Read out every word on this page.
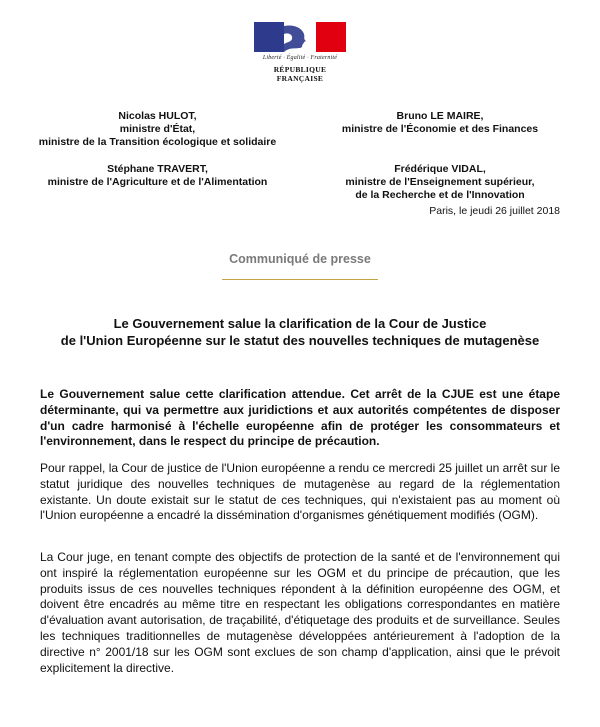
Liberté · Égalité · Fraternité
RÉPUBLIQUE FRANÇAISE
Nicolas HULOT,
ministre d'État,
ministre de la Transition écologique et solidaire
Bruno LE MAIRE,
ministre de l'Économie et des Finances
Stéphane TRAVERT,
ministre de l'Agriculture et de l'Alimentation
Frédérique VIDAL,
ministre de l'Enseignement supérieur,
de la Recherche et de l'Innovation
Paris, le jeudi 26 juillet 2018
Communiqué de presse
Le Gouvernement salue la clarification de la Cour de Justice
de l'Union Européenne sur le statut des nouvelles techniques de mutagenèse

Le Gouvernement salue cette clarification attendue. Cet arrêt de la CJUE est une étape déterminante, qui va permettre aux juridictions et aux autorités compétentes de disposer d'un cadre harmonisé à l'échelle européenne afin de protéger les consommateurs et l'environnement, dans le respect du principe de précaution.

Pour rappel, la Cour de justice de l'Union européenne a rendu ce mercredi 25 juillet un arrêt sur le statut juridique des nouvelles techniques de mutagenèse au regard de la réglementation existante. Un doute existait sur le statut de ces techniques, qui n'existaient pas au moment où l'Union européenne a encadré la dissémination d'organismes génétiquement modifiés (OGM).

La Cour juge, en tenant compte des objectifs de protection de la santé et de l'environnement qui ont inspiré la réglementation européenne sur les OGM et du principe de précaution, que les produits issus de ces nouvelles techniques répondent à la définition européenne des OGM, et doivent être encadrés au même titre en respectant les obligations correspondantes en matière d'évaluation avant autorisation, de traçabilité, d'étiquetage des produits et de surveillance. Seules les techniques traditionnelles de mutagenèse développées antérieurement à l'adoption de la directive n° 2001/18 sur les OGM sont exclues de son champ d'application, ainsi que le prévoit explicitement la directive.
